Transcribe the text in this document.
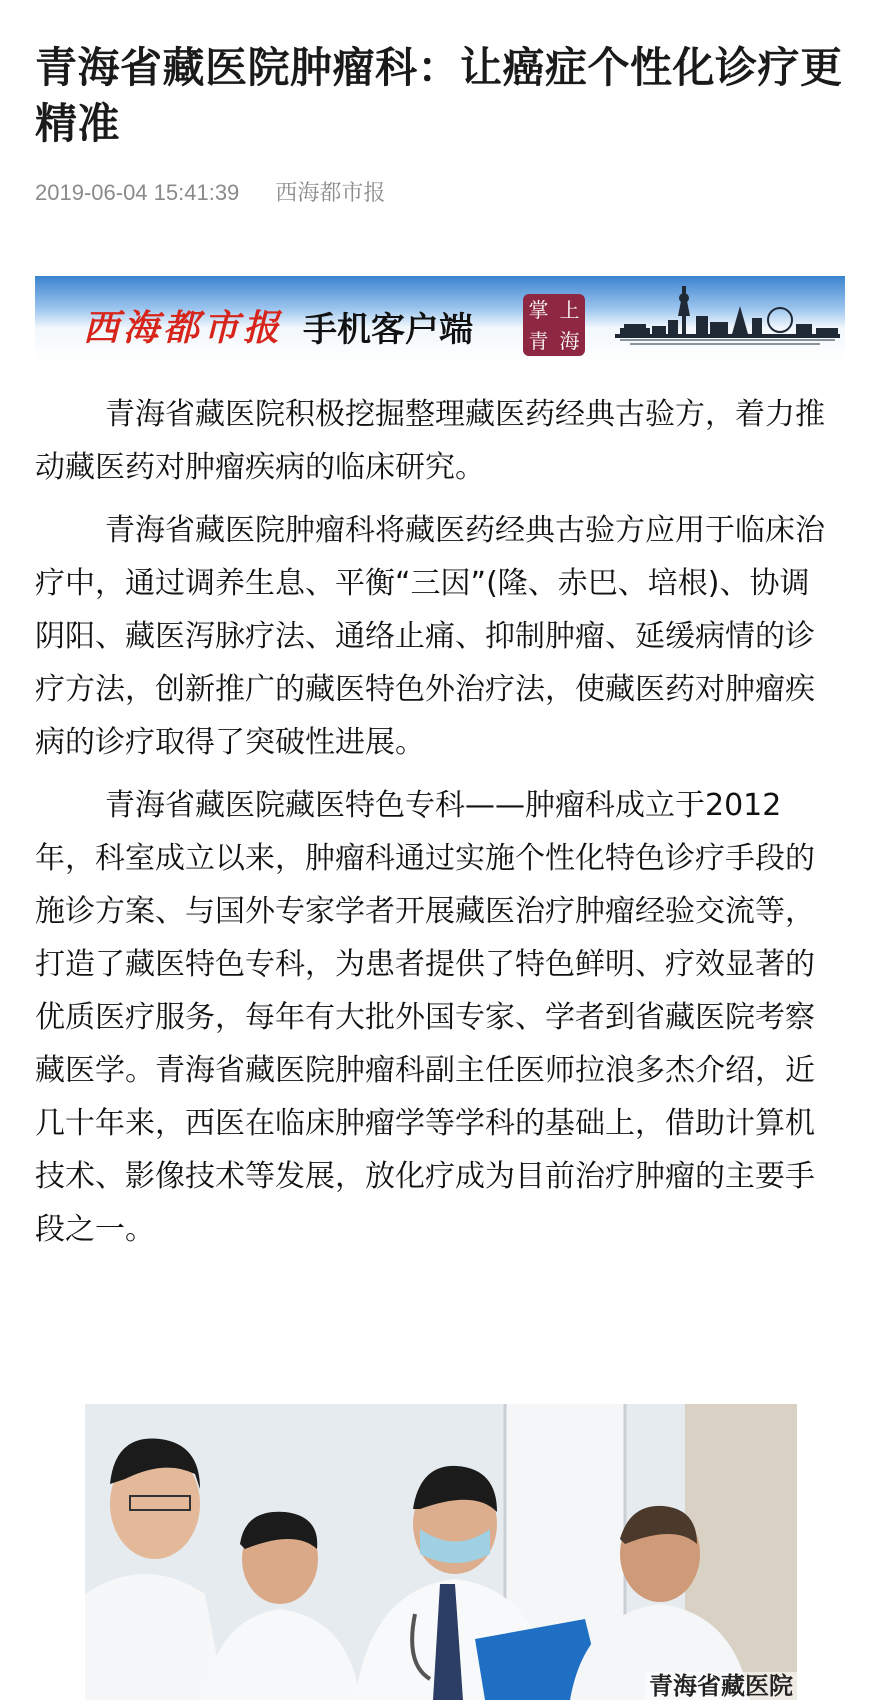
青海省藏医院肿瘤科：让癌症个性化诊疗更精准
2019-06-04 15:41:39 西海都市报
西海都市报 手机客户端
掌 上
青 海

青海省藏医院积极挖掘整理藏医药经典古验方，着力推动藏医药对肿瘤疾病的临床研究。

青海省藏医院肿瘤科将藏医药经典古验方应用于临床治疗中，通过调养生息、平衡“三因”(隆、赤巴、培根)、协调阴阳、藏医泻脉疗法、通络止痛、抑制肿瘤、延缓病情的诊疗方法，创新推广的藏医特色外治疗法，使藏医药对肿瘤疾病的诊疗取得了突破性进展。

青海省藏医院藏医特色专科——肿瘤科成立于2012年，科室成立以来，肿瘤科通过实施个性化特色诊疗手段的施诊方案、与国外专家学者开展藏医治疗肿瘤经验交流等，打造了藏医特色专科，为患者提供了特色鲜明、疗效显著的优质医疗服务，每年有大批外国专家、学者到省藏医院考察藏医学。青海省藏医院肿瘤科副主任医师拉浪多杰介绍，近几十年来，西医在临床肿瘤学等学科的基础上，借助计算机技术、影像技术等发展，放化疗成为目前治疗肿瘤的主要手段之一。

青海省藏医院
